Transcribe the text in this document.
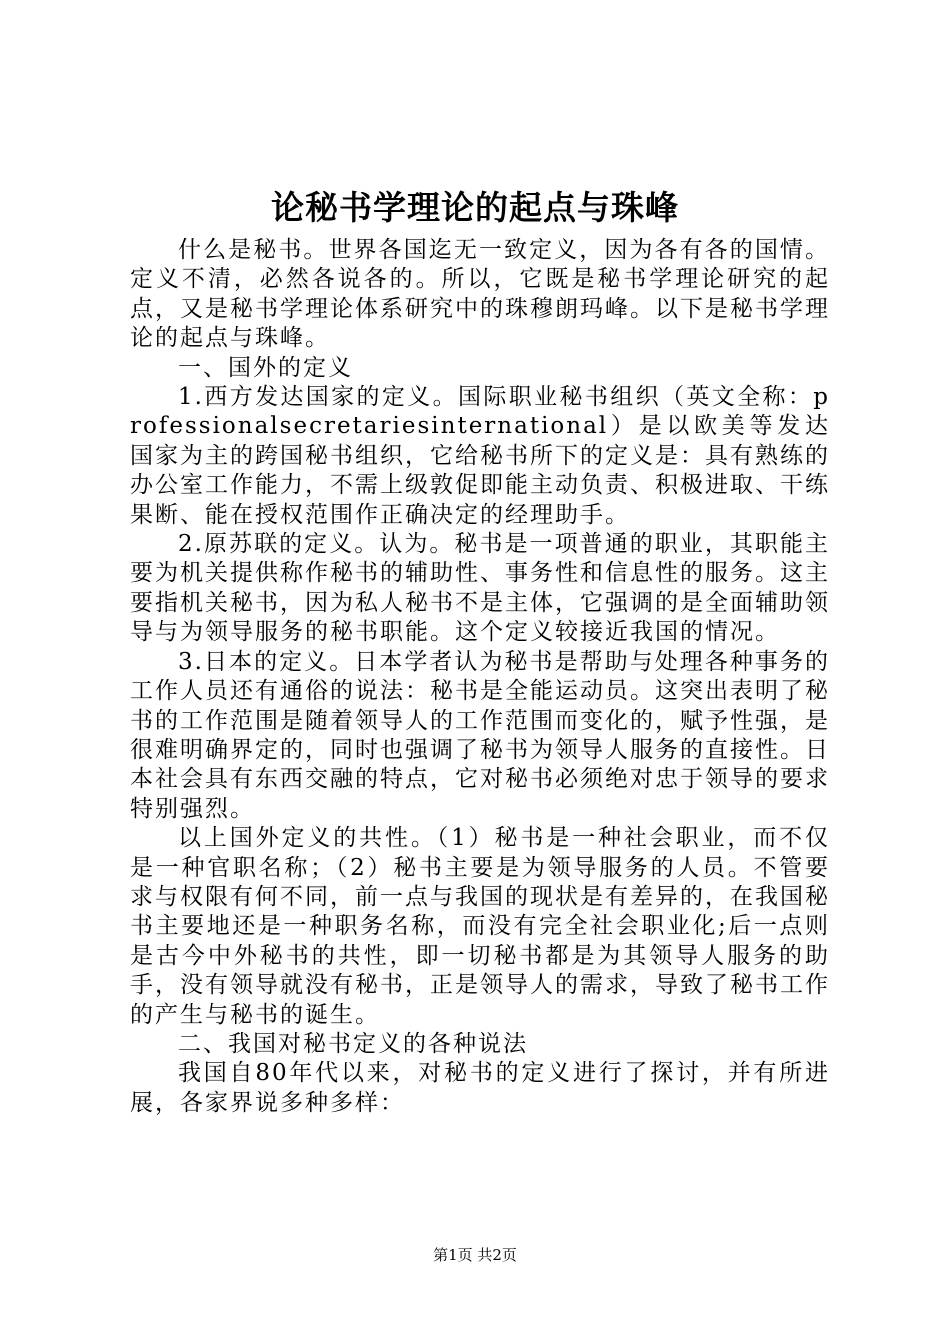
论秘书学理论的起点与珠峰

什么是秘书。世界各国迄无一致定义，因为各有各的国情。定义不清，必然各说各的。所以，它既是秘书学理论研究的起点，又是秘书学理论体系研究中的珠穆朗玛峰。以下是秘书学理论的起点与珠峰。

一、国外的定义

1.西方发达国家的定义。国际职业秘书组织（英文全称：professionalsecretariesinternational）是以欧美等发达国家为主的跨国秘书组织，它给秘书所下的定义是：具有熟练的办公室工作能力，不需上级敦促即能主动负责、积极进取、干练果断、能在授权范围作正确决定的经理助手。

2.原苏联的定义。认为。秘书是一项普通的职业，其职能主要为机关提供称作秘书的辅助性、事务性和信息性的服务。这主要指机关秘书，因为私人秘书不是主体，它强调的是全面辅助领导与为领导服务的秘书职能。这个定义较接近我国的情况。

3.日本的定义。日本学者认为秘书是帮助与处理各种事务的工作人员还有通俗的说法：秘书是全能运动员。这突出表明了秘书的工作范围是随着领导人的工作范围而变化的，赋予性强，是很难明确界定的，同时也强调了秘书为领导人服务的直接性。日本社会具有东西交融的特点，它对秘书必须绝对忠于领导的要求特别强烈。

以上国外定义的共性。（1）秘书是一种社会职业，而不仅是一种官职名称；（2）秘书主要是为领导服务的人员。不管要求与权限有何不同，前一点与我国的现状是有差异的，在我国秘书主要地还是一种职务名称，而没有完全社会职业化;后一点则是古今中外秘书的共性，即一切秘书都是为其领导人服务的助手，没有领导就没有秘书，正是领导人的需求，导致了秘书工作的产生与秘书的诞生。

二、我国对秘书定义的各种说法

我国自80年代以来，对秘书的定义进行了探讨，并有所进展，各家界说多种多样：

第1页 共2页
